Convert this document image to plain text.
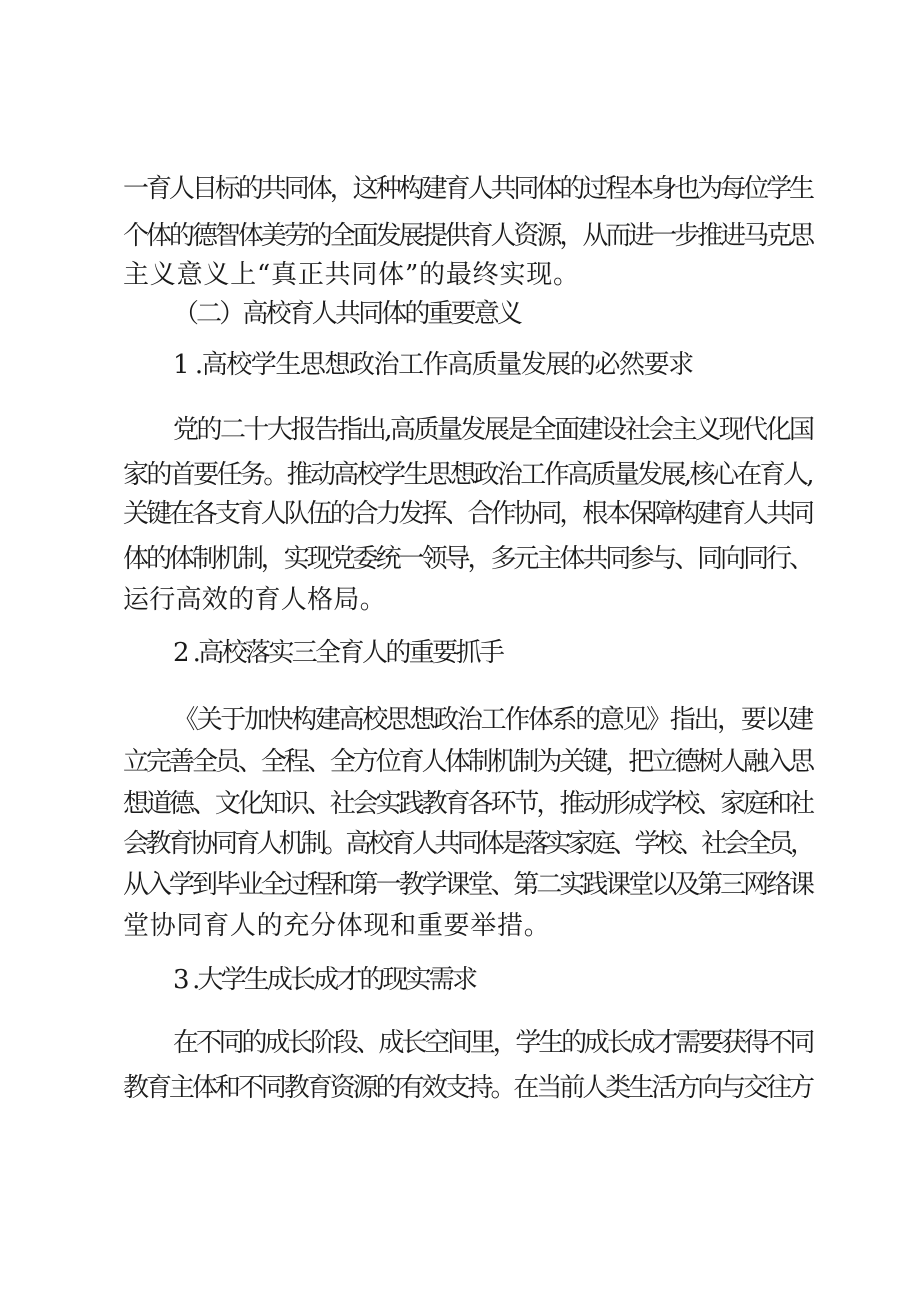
一育人目标的共同体，这种构建育人共同体的过程本身也为每位学生
个体的德智体美劳的全面发展提供育人资源，从而进一步推进马克思
主义意义上“真正共同体”的最终实现。
（二）高校育人共同体的重要意义
1 .高校学生思想政治工作高质量发展的必然要求
党的二十大报告指出,高质量发展是全面建设社会主义现代化国
家的首要任务。推动高校学生思想政治工作高质量发展,核心在育人,
关键在各支育人队伍的合力发挥、合作协同，根本保障构建育人共同
体的体制机制，实现党委统一领导，多元主体共同参与、同向同行、
运行高效的育人格局。
2 .高校落实三全育人的重要抓手
《关于加快构建高校思想政治工作体系的意见》指出，要以建
立完善全员、全程、全方位育人体制机制为关键，把立德树人融入思
想道德、文化知识、社会实践教育各环节，推动形成学校、家庭和社
会教育协同育人机制。高校育人共同体是落实家庭、学校、社会全员，
从入学到毕业全过程和第一教学课堂、第二实践课堂以及第三网络课
堂协同育人的充分体现和重要举措。
3 .大学生成长成才的现实需求
在不同的成长阶段、成长空间里，学生的成长成才需要获得不同
教育主体和不同教育资源的有效支持。在当前人类生活方向与交往方
